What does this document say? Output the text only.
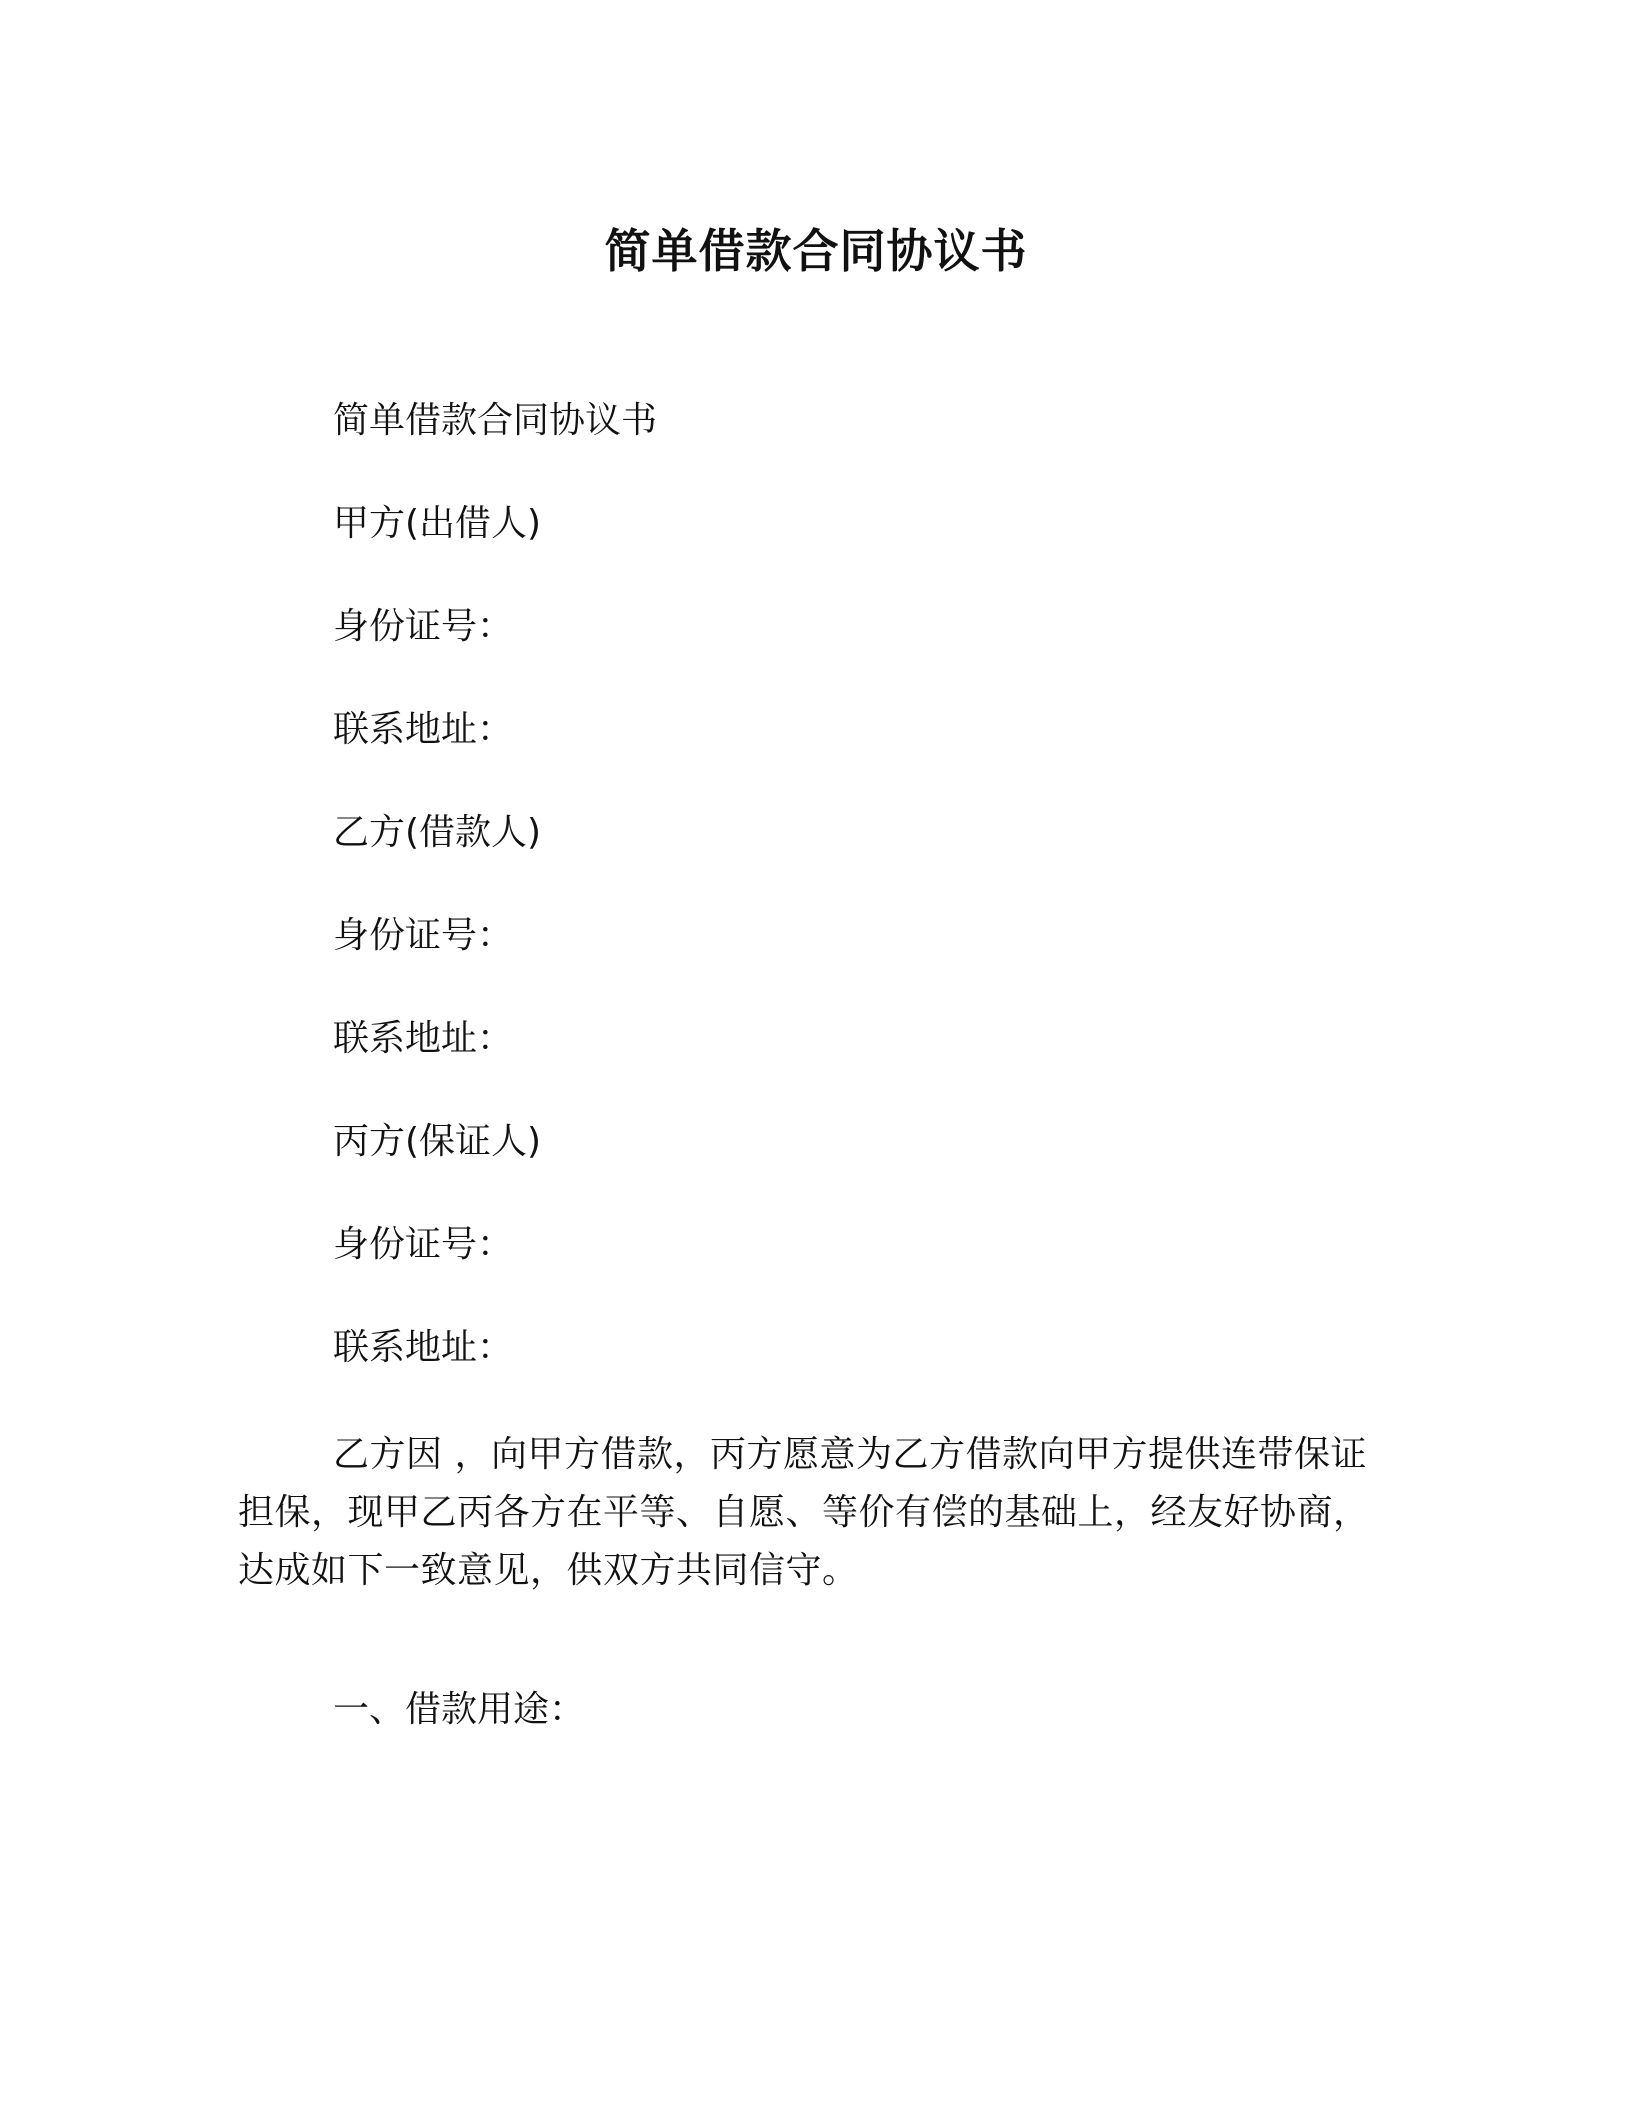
简单借款合同协议书
简单借款合同协议书
甲方(出借人)
身份证号：
联系地址：
乙方(借款人)
身份证号：
联系地址：
丙方(保证人)
身份证号：
联系地址：
乙方因 ，向甲方借款，丙方愿意为乙方借款向甲方提供连带保证
担保，现甲乙丙各方在平等、自愿、等价有偿的基础上，经友好协商，
达成如下一致意见，供双方共同信守。
一、借款用途：
